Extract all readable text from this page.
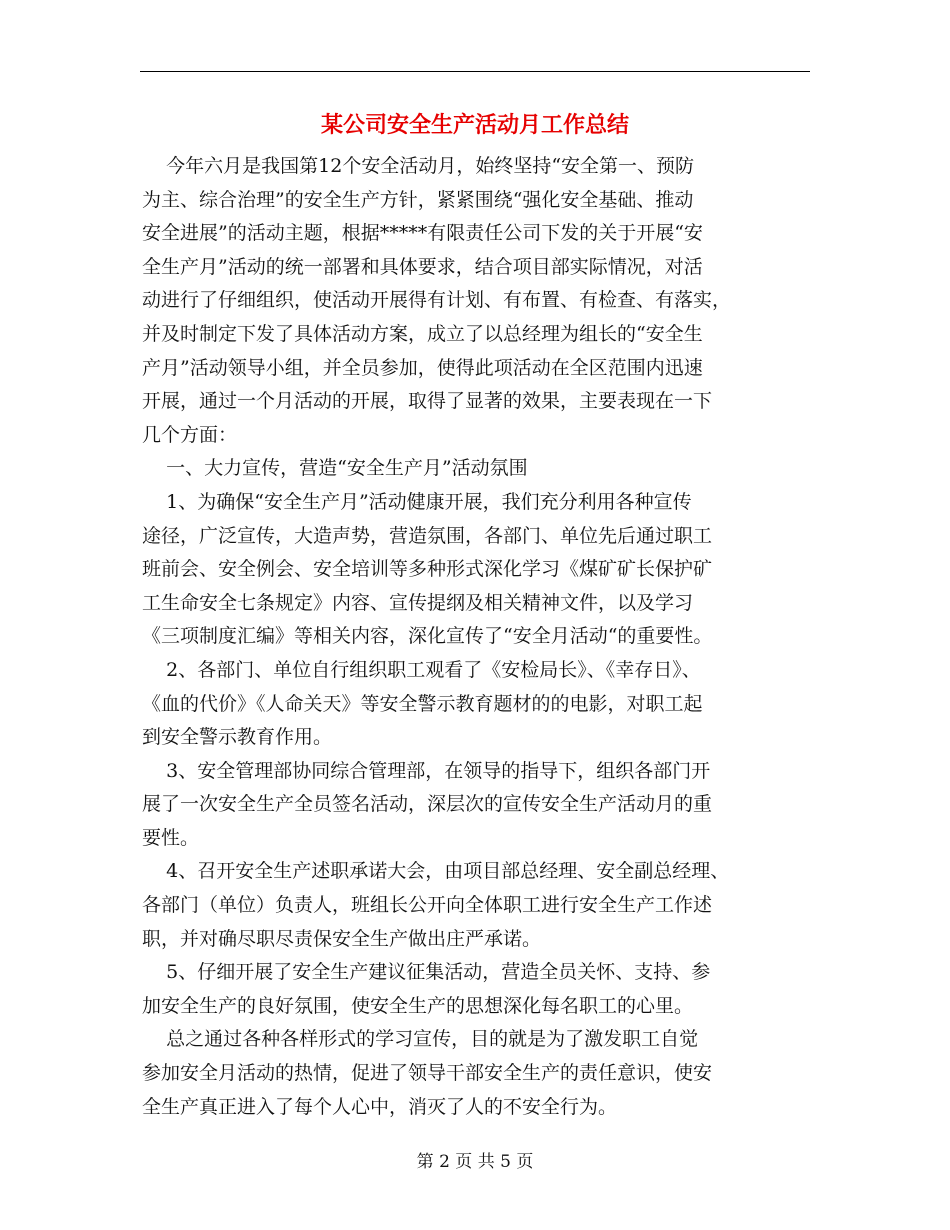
某公司安全生产活动月工作总结

今年六月是我国第12个安全活动月，始终坚持“安全第一、预防

为主、综合治理”的安全生产方针，紧紧围绕“强化安全基础、推动

安全进展”的活动主题，根据*****有限责任公司下发的关于开展“安

全生产月”活动的统一部署和具体要求，结合项目部实际情况，对活

动进行了仔细组织，使活动开展得有计划、有布置、有检查、有落实，

并及时制定下发了具体活动方案，成立了以总经理为组长的“安全生

产月”活动领导小组，并全员参加，使得此项活动在全区范围内迅速

开展，通过一个月活动的开展，取得了显著的效果，主要表现在一下

几个方面：

一、大力宣传，营造“安全生产月”活动氛围

1、为确保“安全生产月”活动健康开展，我们充分利用各种宣传

途径，广泛宣传，大造声势，营造氛围，各部门、单位先后通过职工

班前会、安全例会、安全培训等多种形式深化学习《煤矿矿长保护矿

工生命安全七条规定》内容、宣传提纲及相关精神文件，以及学习

《三项制度汇编》等相关内容，深化宣传了“安全月活动“的重要性。

2、各部门、单位自行组织职工观看了《安检局长》、《幸存日》、

《血的代价》《人命关天》等安全警示教育题材的的电影，对职工起

到安全警示教育作用。

3、安全管理部协同综合管理部，在领导的指导下，组织各部门开

展了一次安全生产全员签名活动，深层次的宣传安全生产活动月的重

要性。

4、召开安全生产述职承诺大会，由项目部总经理、安全副总经理、

各部门（单位）负责人，班组长公开向全体职工进行安全生产工作述

职，并对确尽职尽责保安全生产做出庄严承诺。

5、仔细开展了安全生产建议征集活动，营造全员关怀、支持、参

加安全生产的良好氛围，使安全生产的思想深化每名职工的心里。

总之通过各种各样形式的学习宣传，目的就是为了激发职工自觉

参加安全月活动的热情，促进了领导干部安全生产的责任意识，使安

全生产真正进入了每个人心中，消灭了人的不安全行为。

第 2 页 共 5 页
